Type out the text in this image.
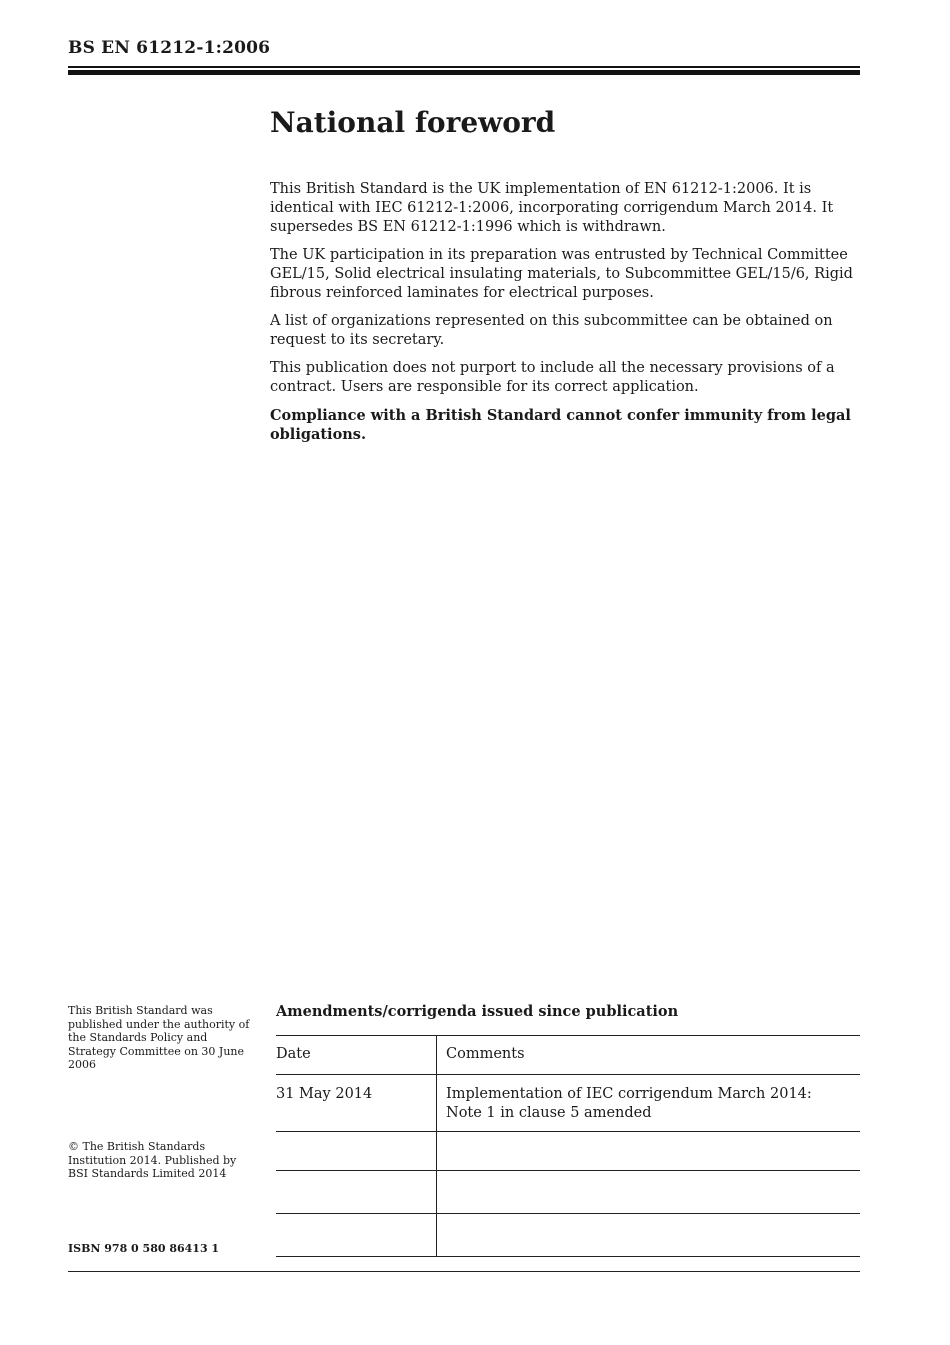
BS EN 61212-1:2006
National foreword

This British Standard is the UK implementation of EN 61212-1:2006. It is identical with IEC 61212-1:2006, incorporating corrigendum March 2014. It supersedes BS EN 61212-1:1996 which is withdrawn.

The UK participation in its preparation was entrusted by Technical Committee GEL/15, Solid electrical insulating materials, to Subcommittee GEL/15/6, Rigid fibrous reinforced laminates for electrical purposes.

A list of organizations represented on this subcommittee can be obtained on request to its secretary.

This publication does not purport to include all the necessary provisions of a contract. Users are responsible for its correct application.

Compliance with a British Standard cannot confer immunity from legal obligations.

This British Standard was published under the authority of the Standards Policy and Strategy Committee on 30 June 2006

© The British Standards Institution 2014. Published by BSI Standards Limited 2014

ISBN 978 0 580 86413 1
Amendments/corrigenda issued since publication
Date	Comments
31 May 2014	Implementation of IEC corrigendum March 2014: Note 1 in clause 5 amended
